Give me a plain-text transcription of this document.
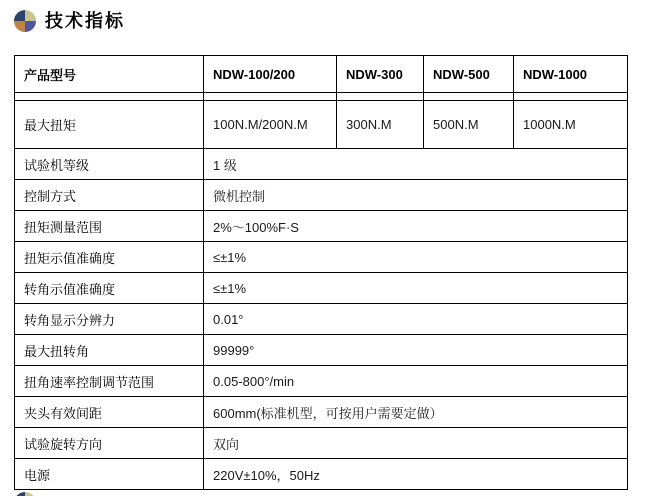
技术指标
产品型号	NDW-100/200	NDW-300	NDW-500	NDW-1000

最大扭矩	100N.M/200N.M	300N.M	500N.M	1000N.M
试验机等级	1 级			
控制方式	微机控制			
扭矩测量范围	2%～100%F·S			
扭矩示值准确度	≤±1%			
转角示值准确度	≤±1%			
转角显示分辨力	0.01°			
最大扭转角	99999°			
扭角速率控制调节范围	0.05-800°/min			
夹头有效间距	600mm(标准机型，可按用户需要定做）			
试验旋转方向	双向			
电源	220V±10%，50Hz			
